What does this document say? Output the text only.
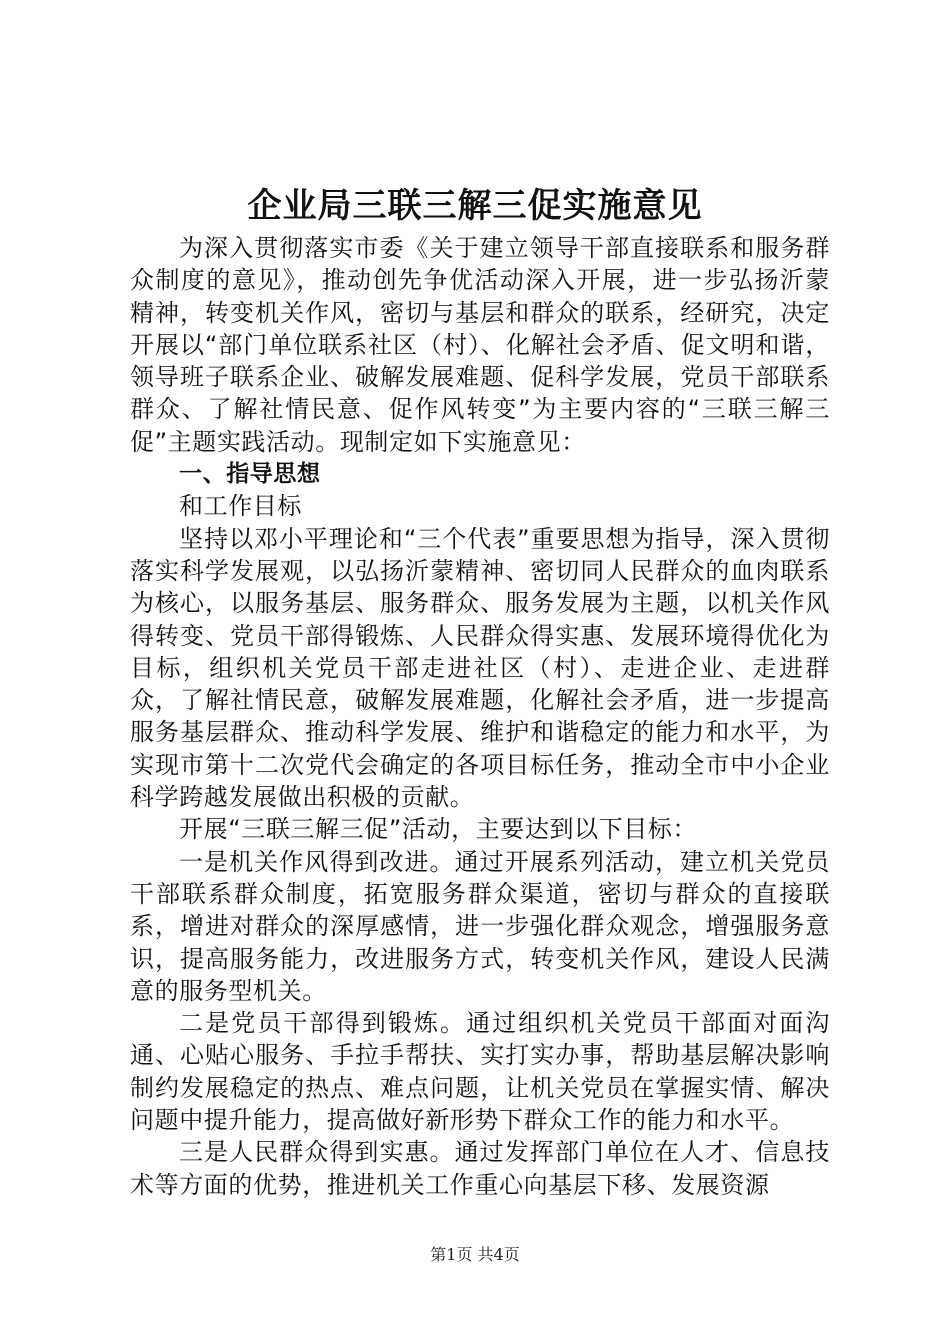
企业局三联三解三促实施意见

为深入贯彻落实市委《关于建立领导干部直接联系和服务群众制度的意见》，推动创先争优活动深入开展，进一步弘扬沂蒙精神，转变机关作风，密切与基层和群众的联系，经研究，决定开展以“部门单位联系社区（村）、化解社会矛盾、促文明和谐，领导班子联系企业、破解发展难题、促科学发展，党员干部联系群众、了解社情民意、促作风转变”为主要内容的“三联三解三促”主题实践活动。现制定如下实施意见：

一、指导思想

和工作目标

坚持以邓小平理论和“三个代表”重要思想为指导，深入贯彻落实科学发展观，以弘扬沂蒙精神、密切同人民群众的血肉联系为核心，以服务基层、服务群众、服务发展为主题，以机关作风得转变、党员干部得锻炼、人民群众得实惠、发展环境得优化为目标，组织机关党员干部走进社区（村）、走进企业、走进群众，了解社情民意，破解发展难题，化解社会矛盾，进一步提高服务基层群众、推动科学发展、维护和谐稳定的能力和水平，为实现市第十二次党代会确定的各项目标任务，推动全市中小企业科学跨越发展做出积极的贡献。

开展“三联三解三促”活动，主要达到以下目标：

一是机关作风得到改进。通过开展系列活动，建立机关党员干部联系群众制度，拓宽服务群众渠道，密切与群众的直接联系，增进对群众的深厚感情，进一步强化群众观念，增强服务意识，提高服务能力，改进服务方式，转变机关作风，建设人民满意的服务型机关。

二是党员干部得到锻炼。通过组织机关党员干部面对面沟通、心贴心服务、手拉手帮扶、实打实办事，帮助基层解决影响制约发展稳定的热点、难点问题，让机关党员在掌握实情、解决问题中提升能力，提高做好新形势下群众工作的能力和水平。

三是人民群众得到实惠。通过发挥部门单位在人才、信息技术等方面的优势，推进机关工作重心向基层下移、发展资源

第1页 共4页
